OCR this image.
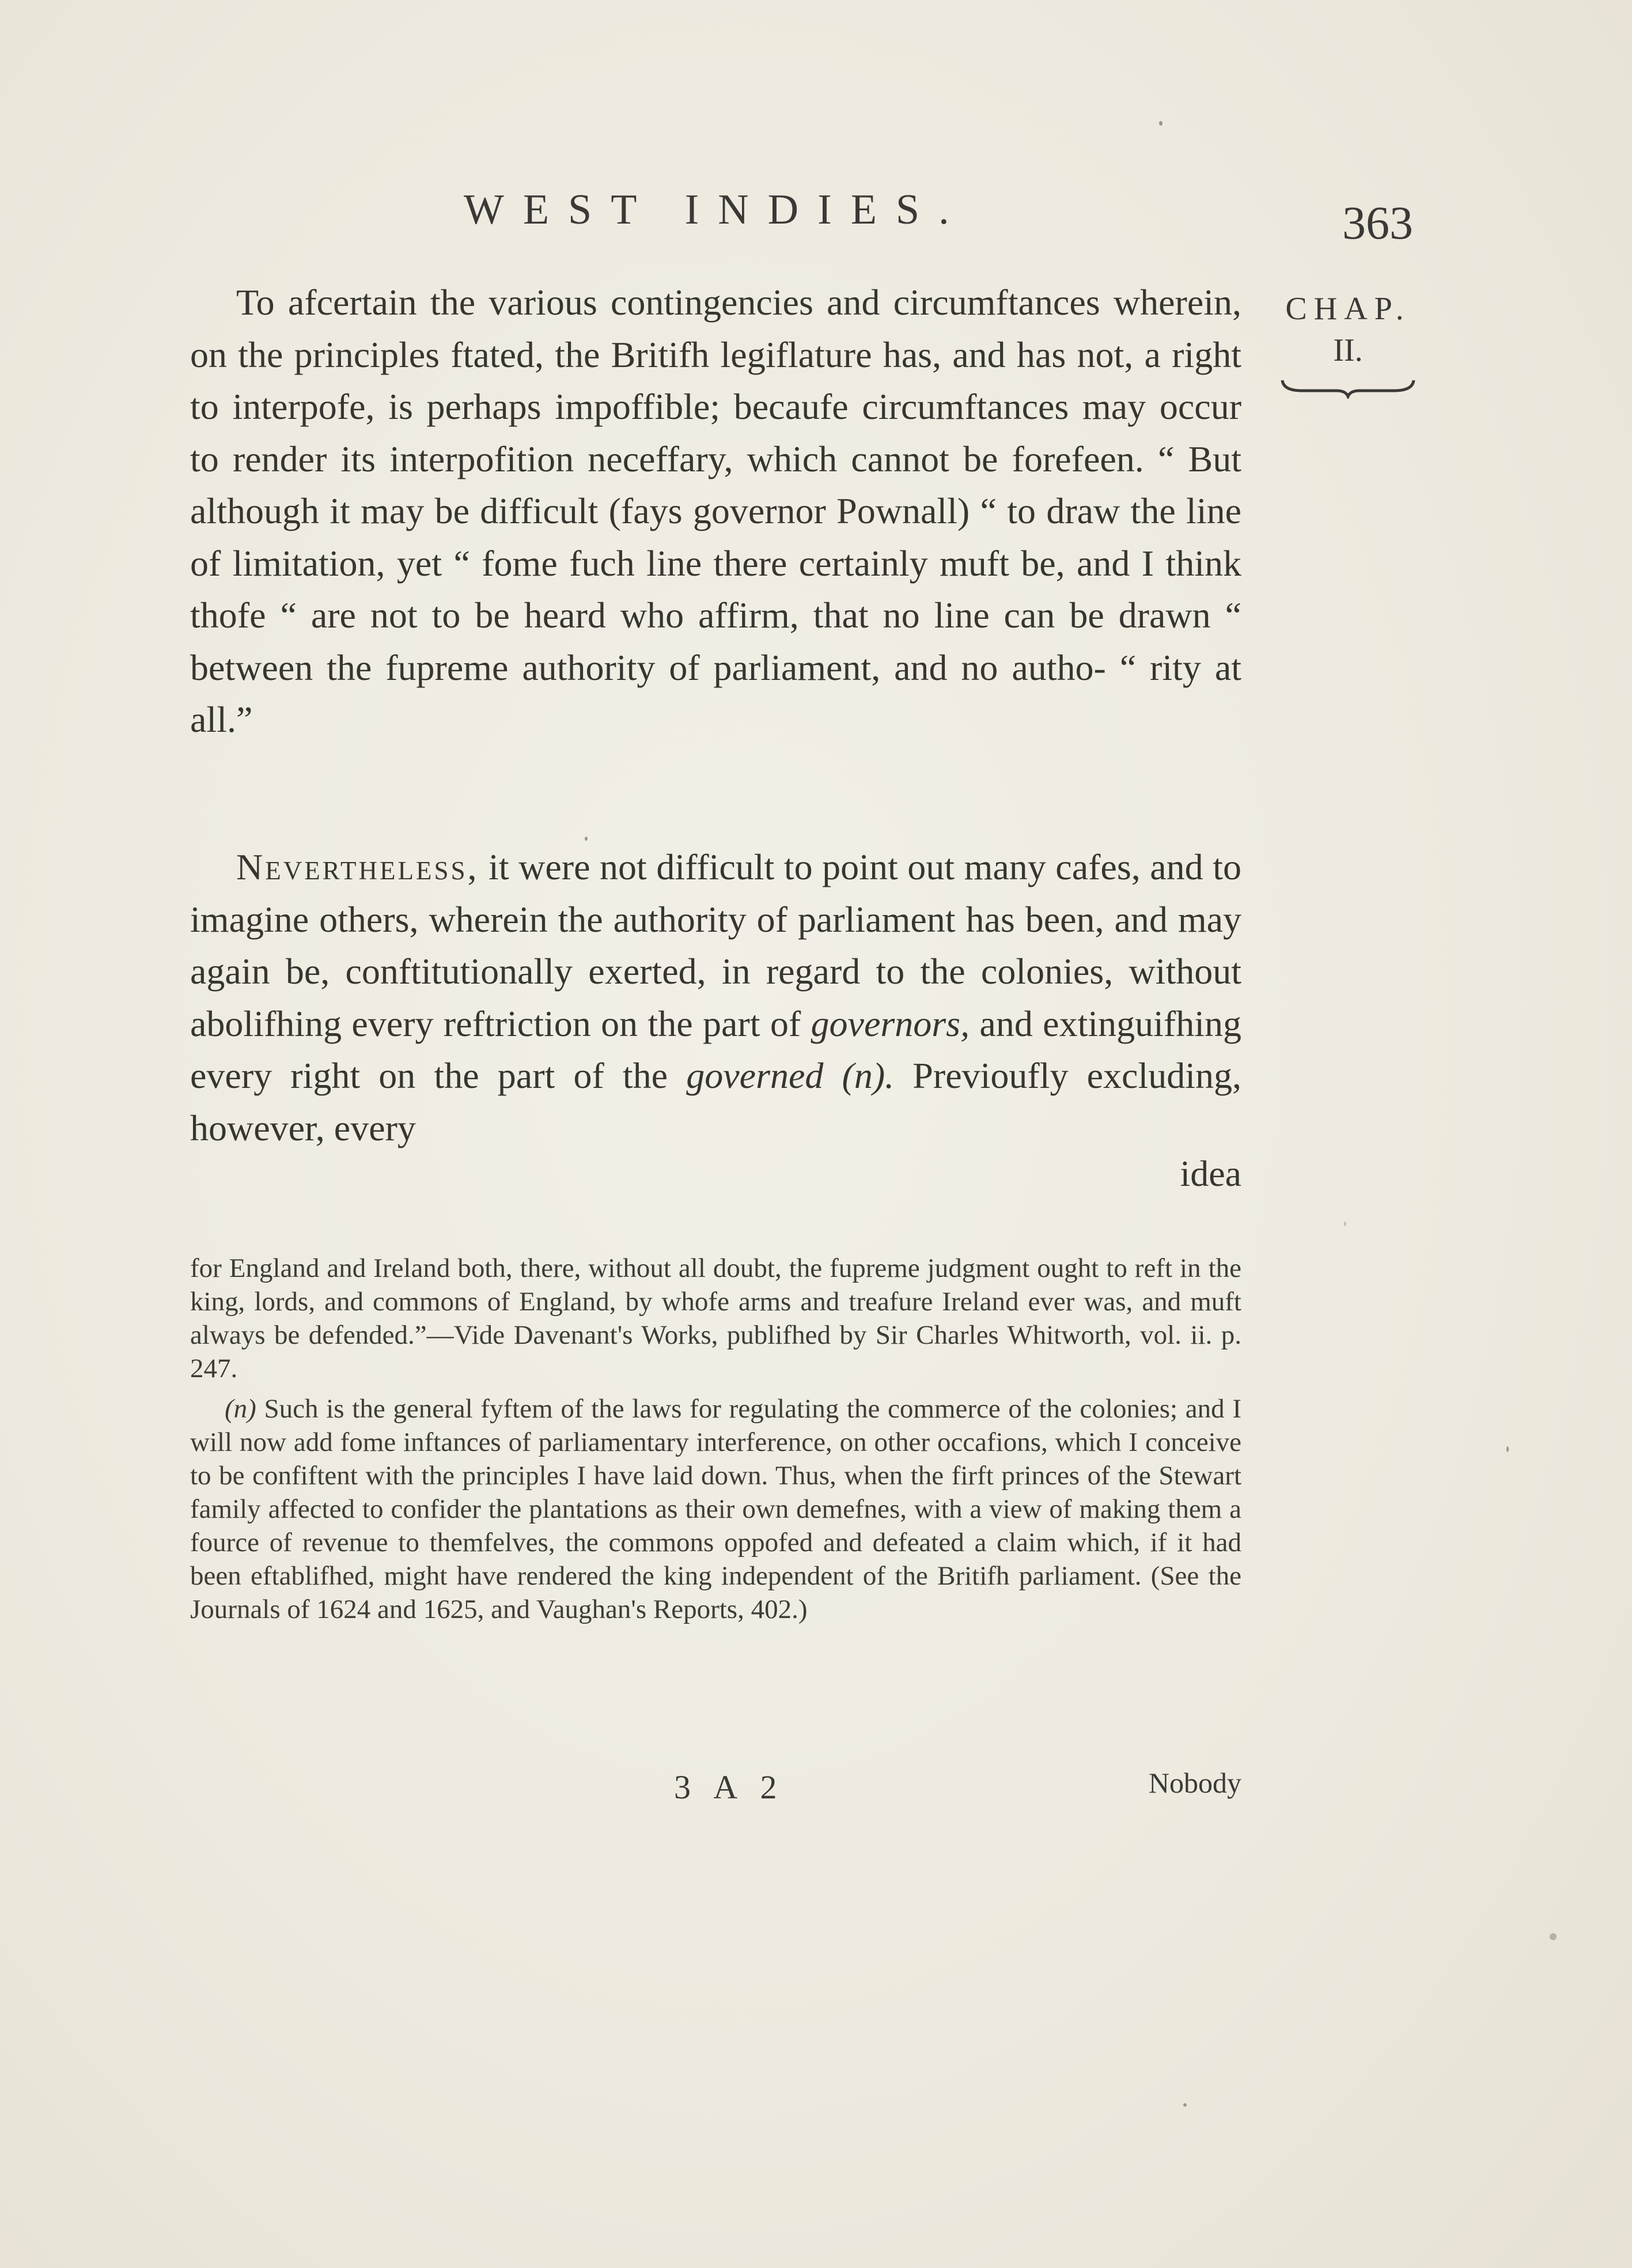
WEST INDIES.	363
CHAP.
II.

To afcertain the various contingencies and circumftances wherein, on the principles ftated, the Britifh legiflature has, and has not, a right to interpofe, is perhaps impoffible; becaufe circumftances may occur to render its interpofition neceffary, which cannot be forefeen. “ But although it may be difficult (fays governor Pownall) “ to draw the line of limitation, yet “ fome fuch line there certainly muft be, and I think thofe “ are not to be heard who affirm, that no line can be drawn “ between the fupreme authority of parliament, and no autho- “ rity at all.”

Nevertheless, it were not difficult to point out many cafes, and to imagine others, wherein the authority of parliament has been, and may again be, conftitutionally exerted, in regard to the colonies, without abolifhing every reftriction on the part of governors, and extinguifhing every right on the part of the governed (n). Previoufly excluding, however, every

idea

for England and Ireland both, there, without all doubt, the fupreme judgment ought to reft in the king, lords, and commons of England, by whofe arms and treafure Ireland ever was, and muft always be defended.”—Vide Davenant's Works, publifhed by Sir Charles Whitworth, vol. ii. p. 247.

(n) Such is the general fyftem of the laws for regulating the commerce of the colonies; and I will now add fome inftances of parliamentary interference, on other occafions, which I conceive to be confiftent with the principles I have laid down. Thus, when the firft princes of the Stewart family affected to confider the plantations as their own demefnes, with a view of making them a fource of revenue to themfelves, the commons oppofed and defeated a claim which, if it had been eftablifhed, might have rendered the king independent of the Britifh parliament. (See the Journals of 1624 and 1625, and Vaughan's Reports, 402.)

3 A 2	Nobody
